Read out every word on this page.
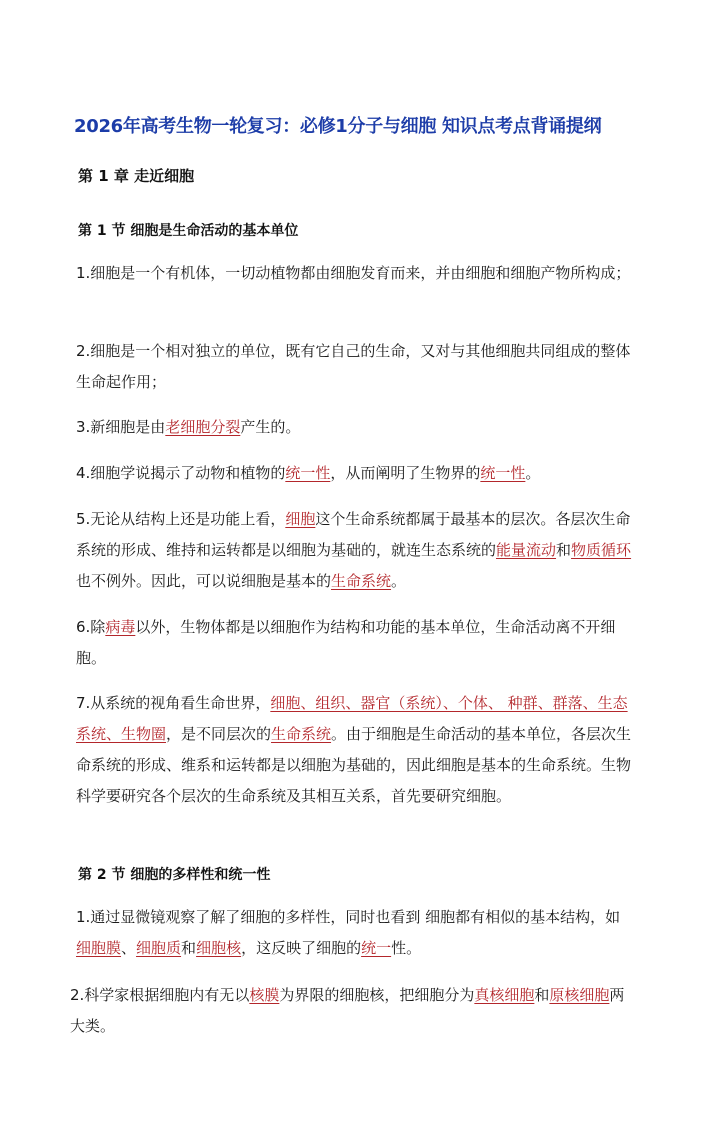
2026年高考生物一轮复习：必修1分子与细胞 知识点考点背诵提纲
第 1 章 走近细胞
第 1 节 细胞是生命活动的基本单位
1.细胞是一个有机体，一切动植物都由细胞发育而来，并由细胞和细胞产物所构成；
2.细胞是一个相对独立的单位，既有它自己的生命，又对与其他细胞共同组成的整体生命起作用；
3.新细胞是由老细胞分裂产生的。
4.细胞学说揭示了动物和植物的统一性，从而阐明了生物界的统一性。
5.无论从结构上还是功能上看，细胞这个生命系统都属于最基本的层次。各层次生命系统的形成、维持和运转都是以细胞为基础的，就连生态系统的能量流动和物质循环也不例外。因此，可以说细胞是基本的生命系统。
6.除病毒以外，生物体都是以细胞作为结构和功能的基本单位，生命活动离不开细胞。
7.从系统的视角看生命世界，细胞、组织、器官（系统）、个体、 种群、群落、生态系统、生物圈，是不同层次的生命系统。由于细胞是生命活动的基本单位，各层次生命系统的形成、维系和运转都是以细胞为基础的，因此细胞是基本的生命系统。生物科学要研究各个层次的生命系统及其相互关系，首先要研究细胞。
第 2 节 细胞的多样性和统一性
1.通过显微镜观察了解了细胞的多样性，同时也看到 细胞都有相似的基本结构，如细胞膜、细胞质和细胞核，这反映了细胞的统一性。
2.科学家根据细胞内有无以核膜为界限的细胞核，把细胞分为真核细胞和原核细胞两大类。
